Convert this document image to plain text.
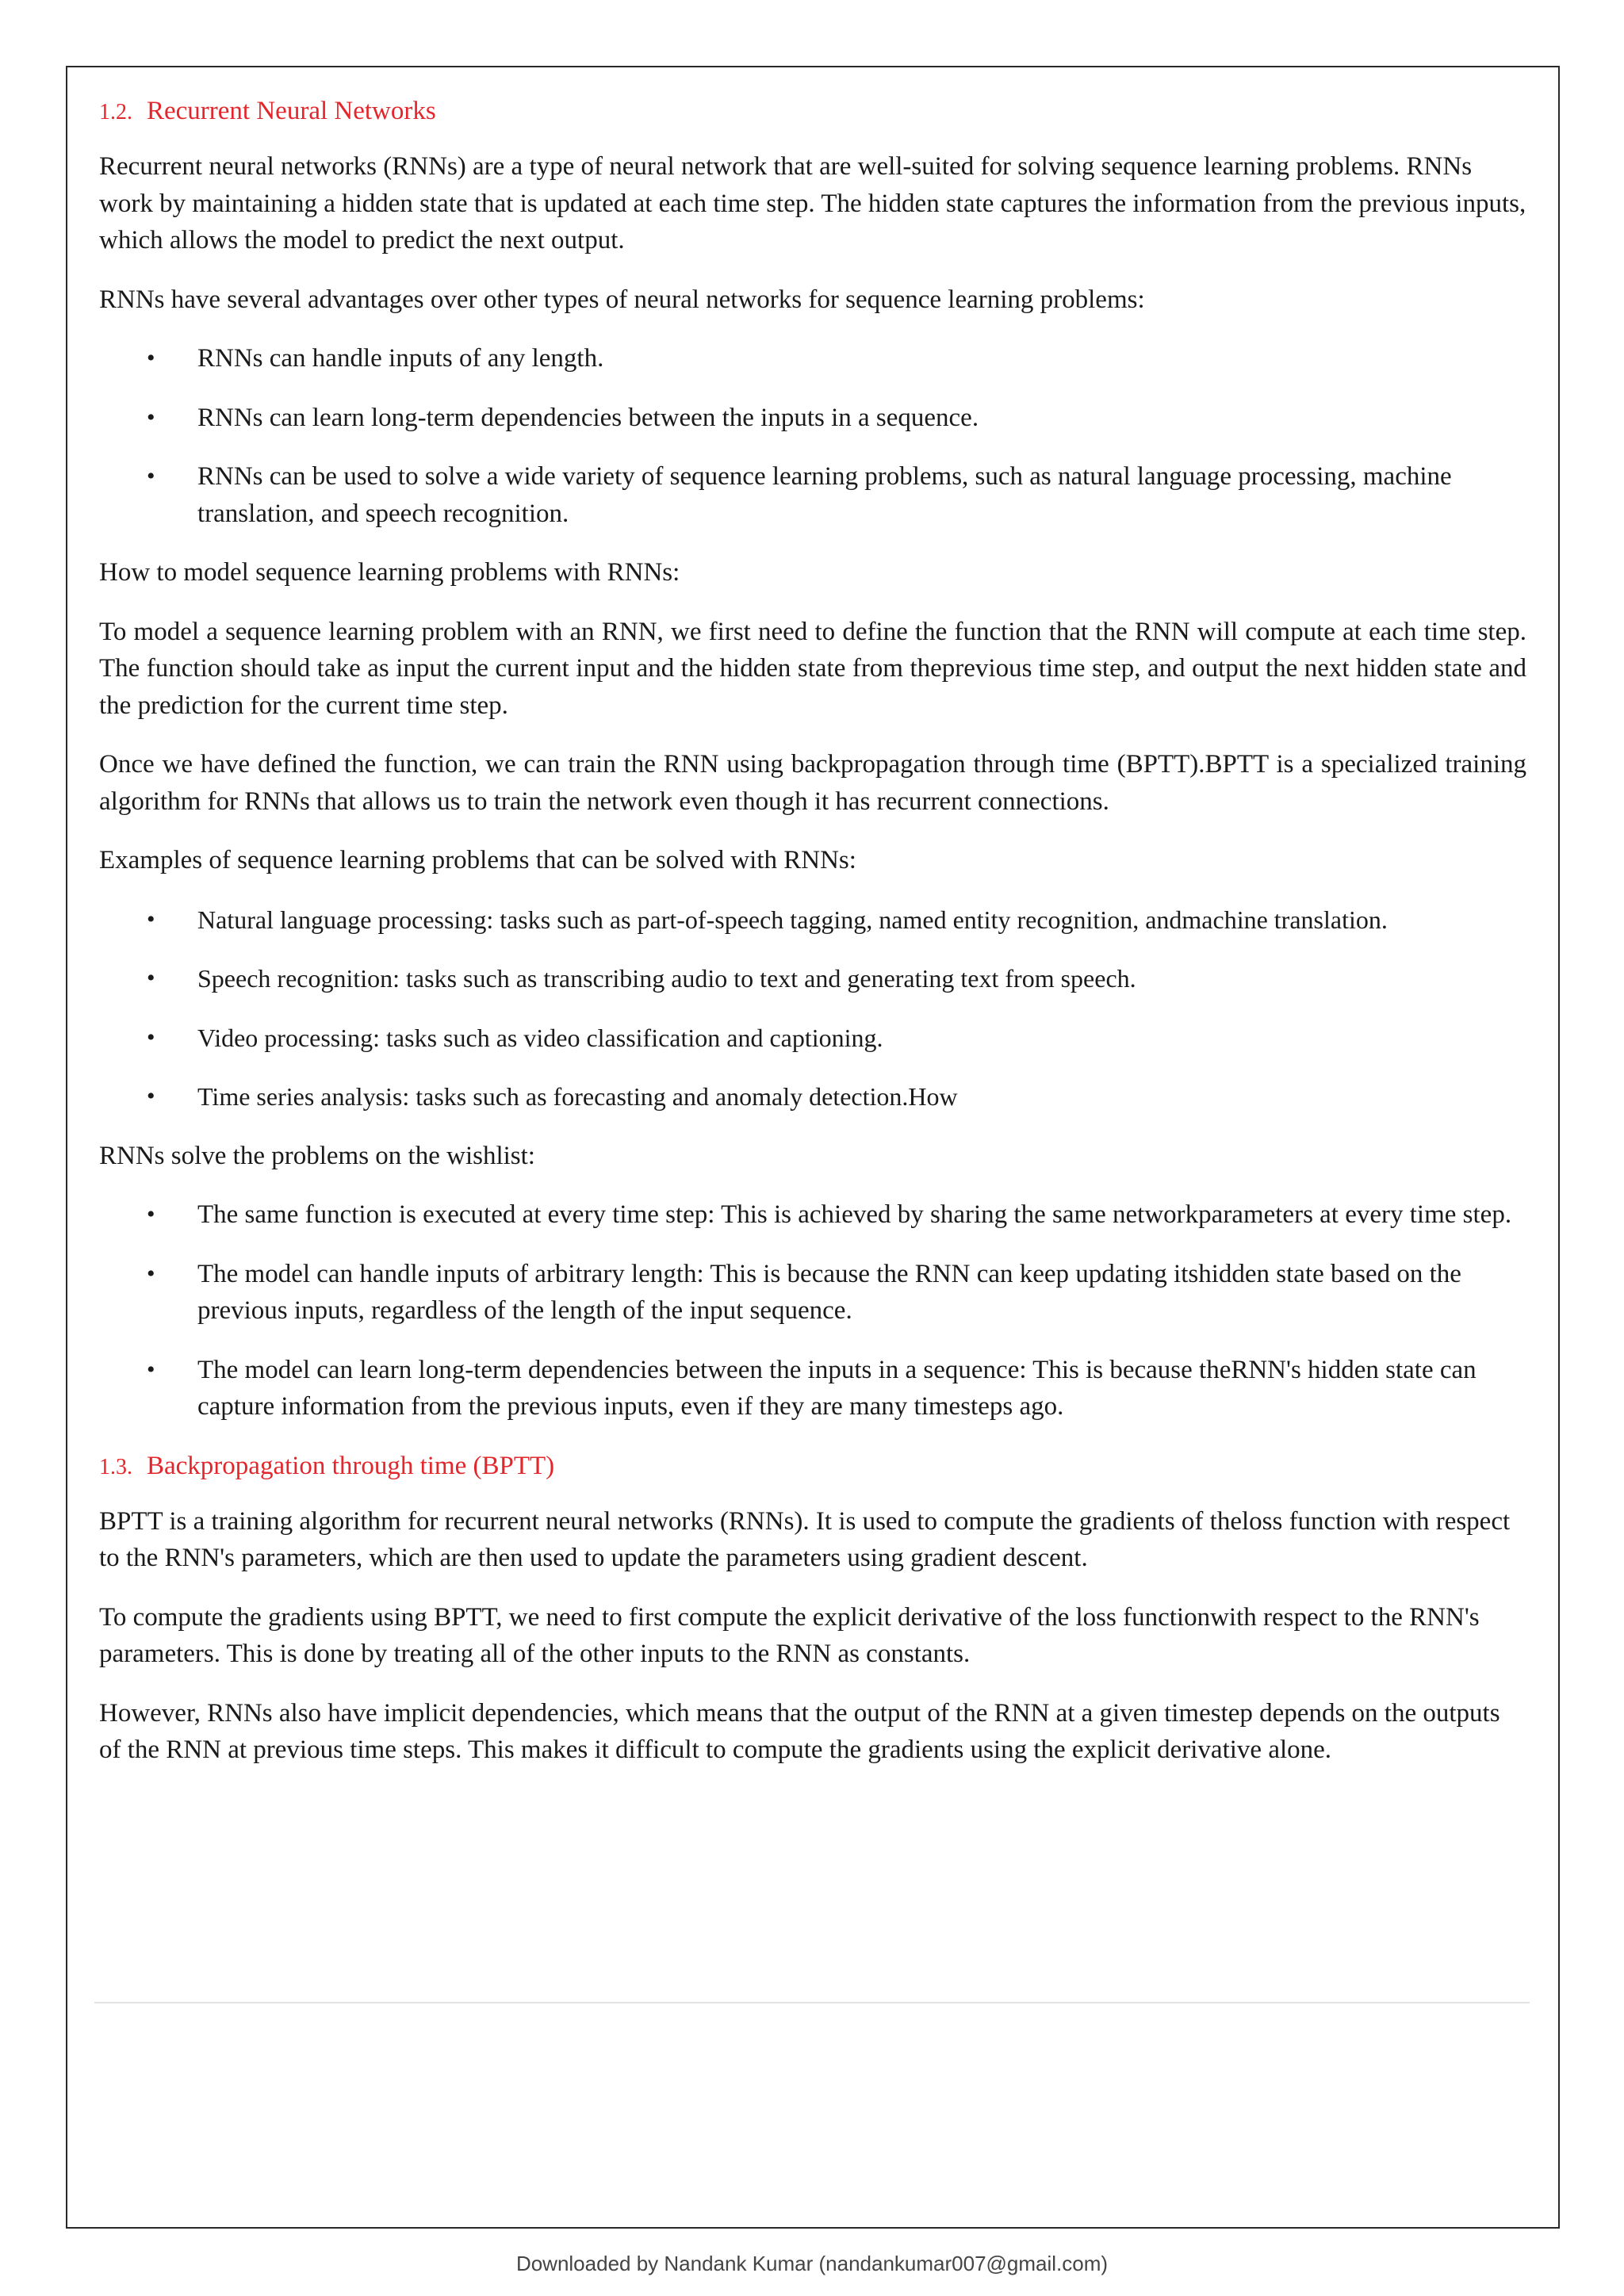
1.2. Recurrent Neural Networks

Recurrent neural networks (RNNs) are a type of neural network that are well-suited for solving sequence learning problems. RNNs work by maintaining a hidden state that is updated at each time step. The hidden state captures the information from the previous inputs, which allows the model to predict the next output.

RNNs have several advantages over other types of neural networks for sequence learning problems:

• RNNs can handle inputs of any length.
• RNNs can learn long-term dependencies between the inputs in a sequence.
• RNNs can be used to solve a wide variety of sequence learning problems, such as natural language processing, machine translation, and speech recognition.

How to model sequence learning problems with RNNs:

To model a sequence learning problem with an RNN, we first need to define the function that the RNN will compute at each time step. The function should take as input the current input and the hidden state from theprevious time step, and output the next hidden state and the prediction for the current time step.

Once we have defined the function, we can train the RNN using backpropagation through time (BPTT).BPTT is a specialized training algorithm for RNNs that allows us to train the network even though it has recurrent connections.

Examples of sequence learning problems that can be solved with RNNs:

• Natural language processing: tasks such as part-of-speech tagging, named entity recognition, andmachine translation.
• Speech recognition: tasks such as transcribing audio to text and generating text from speech.
• Video processing: tasks such as video classification and captioning.
• Time series analysis: tasks such as forecasting and anomaly detection.How

RNNs solve the problems on the wishlist:

• The same function is executed at every time step: This is achieved by sharing the same networkparameters at every time step.
• The model can handle inputs of arbitrary length: This is because the RNN can keep updating itshidden state based on the previous inputs, regardless of the length of the input sequence.
• The model can learn long-term dependencies between the inputs in a sequence: This is because theRNN's hidden state can capture information from the previous inputs, even if they are many timesteps ago.
1.3. Backpropagation through time (BPTT)

BPTT is a training algorithm for recurrent neural networks (RNNs). It is used to compute the gradients of theloss function with respect to the RNN's parameters, which are then used to update the parameters using gradient descent.

To compute the gradients using BPTT, we need to first compute the explicit derivative of the loss functionwith respect to the RNN's parameters. This is done by treating all of the other inputs to the RNN as constants.

However, RNNs also have implicit dependencies, which means that the output of the RNN at a given timestep depends on the outputs of the RNN at previous time steps. This makes it difficult to compute the gradients using the explicit derivative alone.

Downloaded by Nandank Kumar (nandankumar007@gmail.com)
